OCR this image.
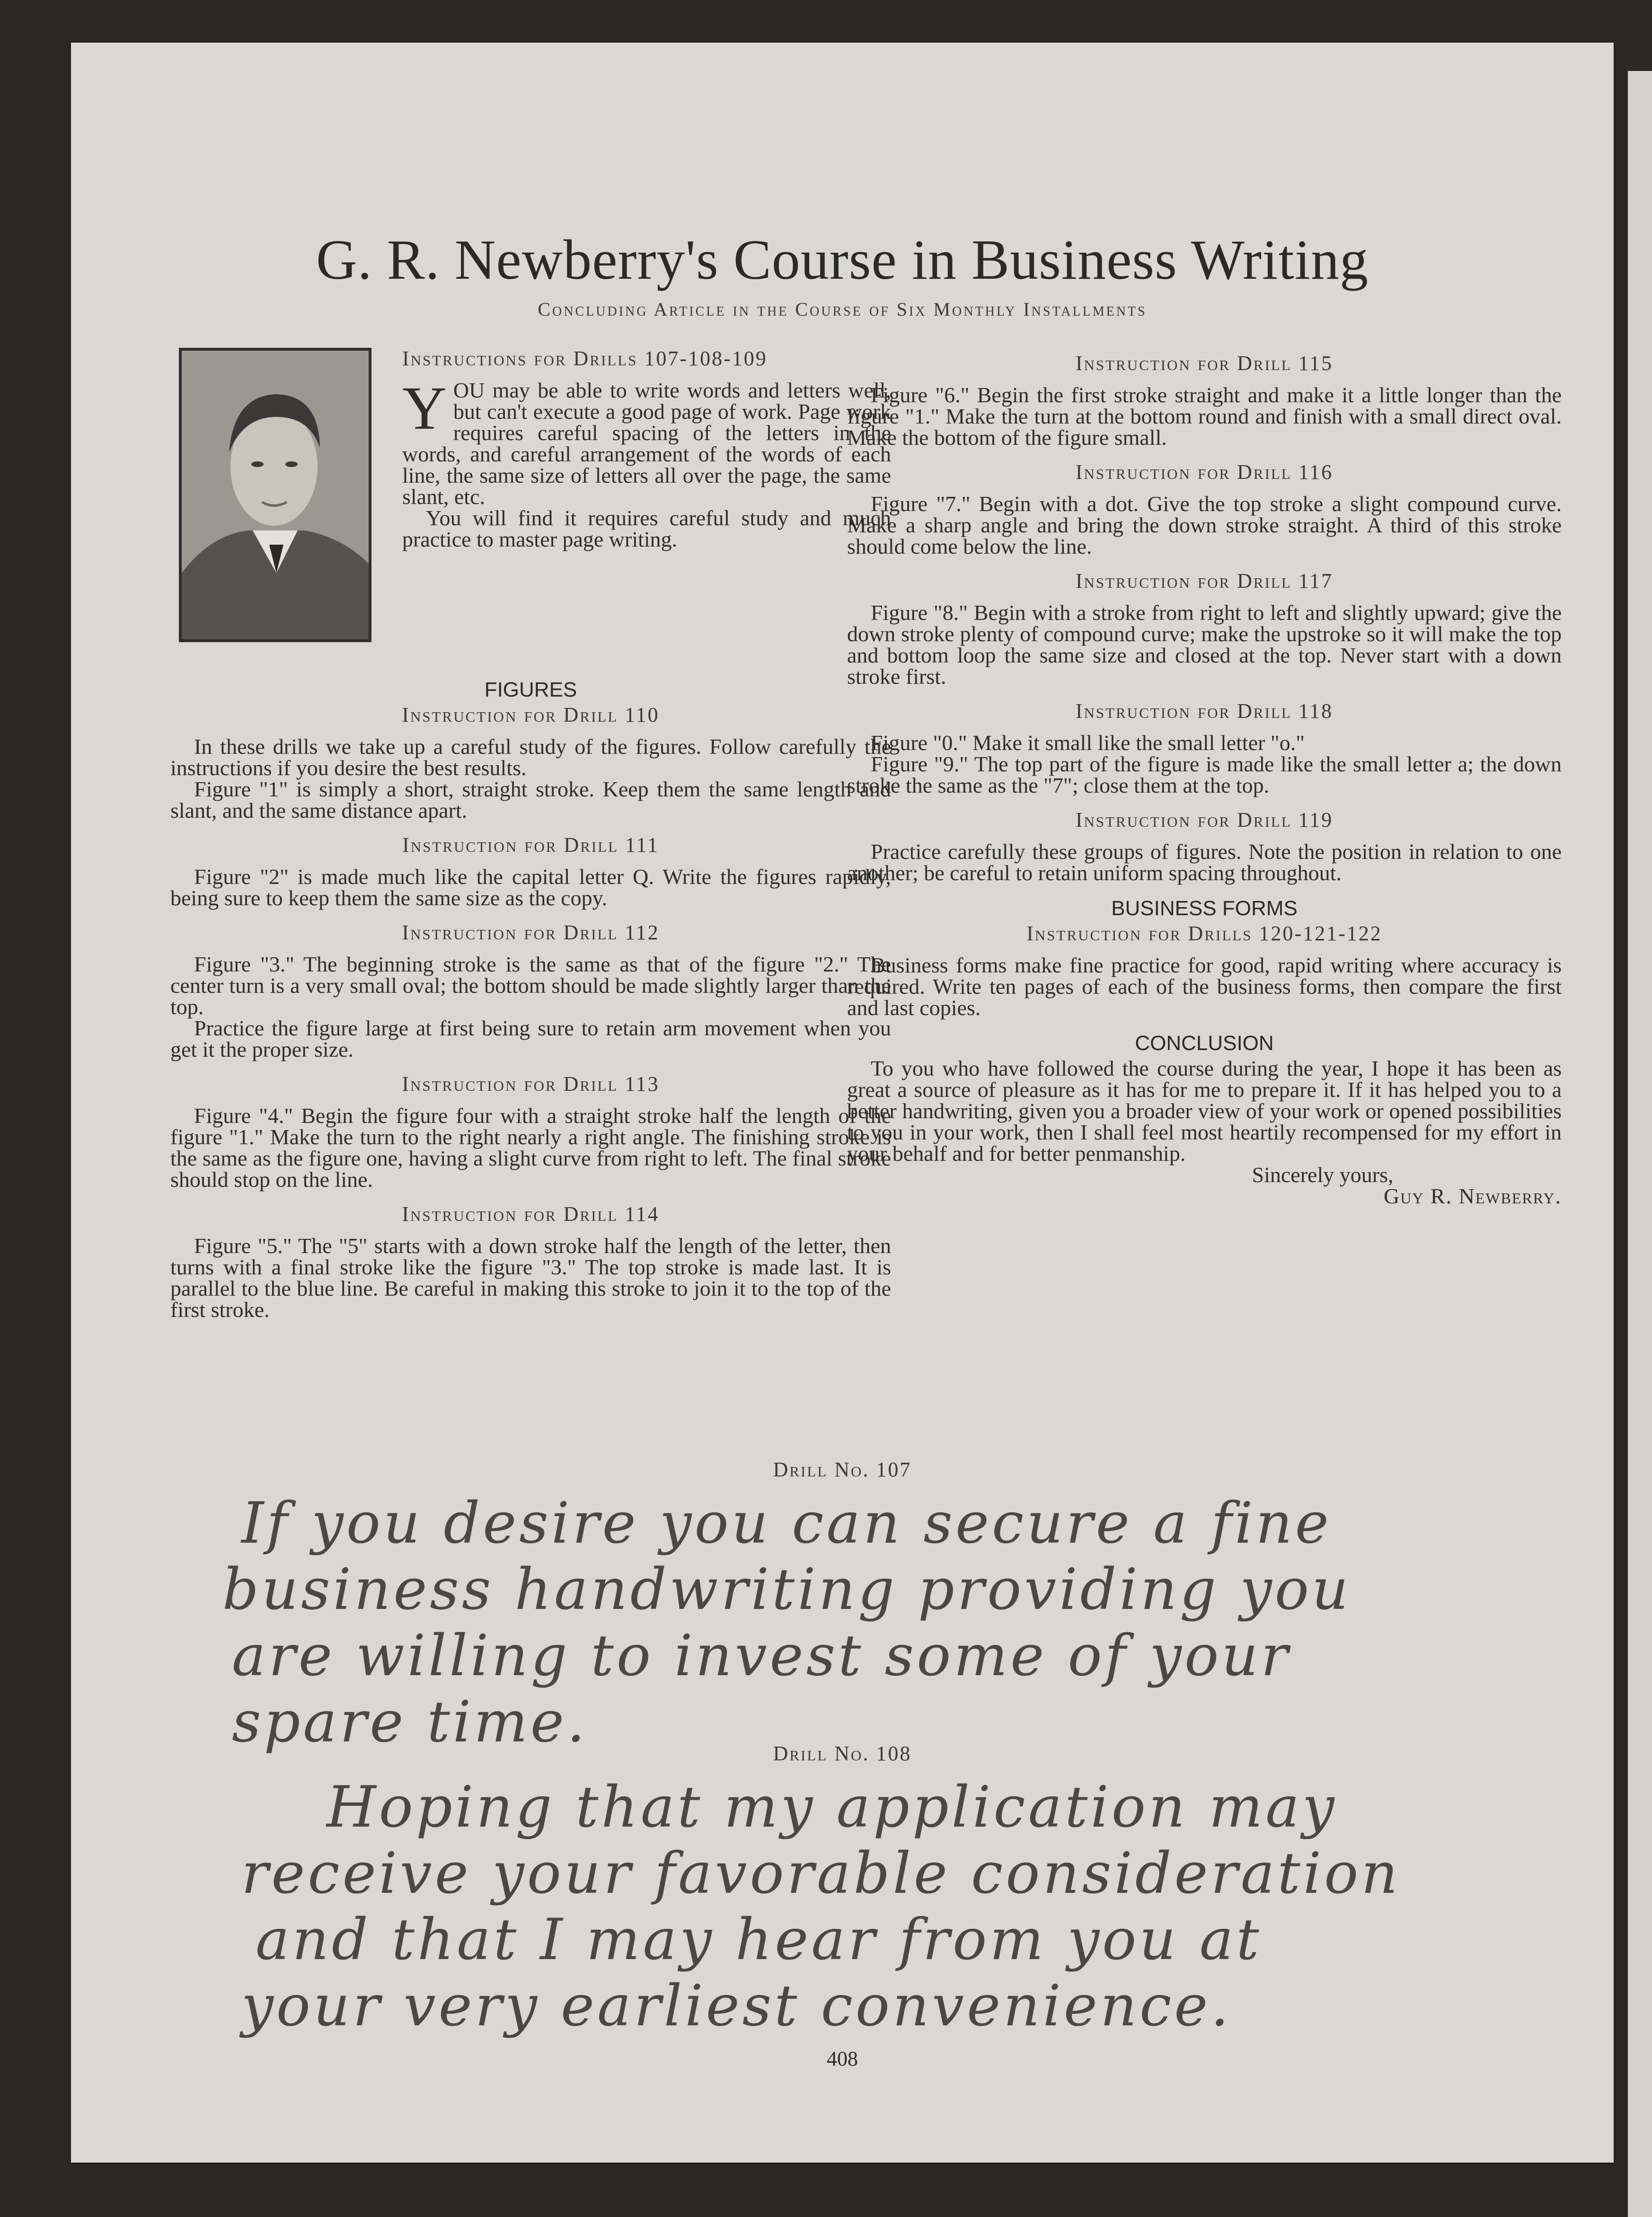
G. R. Newberry's Course in Business Writing
Concluding Article in the Course of Six Monthly Installments
Instructions for Drills 107-108-109

YOU may be able to write words and letters well, but can't execute a good page of work. Page work requires careful spacing of the letters in the words, and careful arrangement of the words of each line, the same size of letters all over the page, the same slant, etc.

You will find it requires careful study and much practice to master page writing.

FIGURES
Instruction for Drill 110

In these drills we take up a careful study of the figures. Follow carefully the instructions if you desire the best results.

Figure "1" is simply a short, straight stroke. Keep them the same length and slant, and the same distance apart.

Instruction for Drill 111

Figure "2" is made much like the capital letter Q. Write the figures rapidly, being sure to keep them the same size as the copy.

Instruction for Drill 112

Figure "3." The beginning stroke is the same as that of the figure "2." The center turn is a very small oval; the bottom should be made slightly larger than the top.

Practice the figure large at first being sure to retain arm movement when you get it the proper size.

Instruction for Drill 113

Figure "4." Begin the figure four with a straight stroke half the length of the figure "1." Make the turn to the right nearly a right angle. The finishing stroke is the same as the figure one, having a slight curve from right to left. The final stroke should stop on the line.

Instruction for Drill 114

Figure "5." The "5" starts with a down stroke half the length of the letter, then turns with a final stroke like the figure "3." The top stroke is made last. It is parallel to the blue line. Be careful in making this stroke to join it to the top of the first stroke.

Instruction for Drill 115

Figure "6." Begin the first stroke straight and make it a little longer than the figure "1." Make the turn at the bottom round and finish with a small direct oval. Make the bottom of the figure small.

Instruction for Drill 116

Figure "7." Begin with a dot. Give the top stroke a slight compound curve. Make a sharp angle and bring the down stroke straight. A third of this stroke should come below the line.

Instruction for Drill 117

Figure "8." Begin with a stroke from right to left and slightly upward; give the down stroke plenty of compound curve; make the upstroke so it will make the top and bottom loop the same size and closed at the top. Never start with a down stroke first.

Instruction for Drill 118

Figure "0." Make it small like the small letter "o."

Figure "9." The top part of the figure is made like the small letter a; the down stroke the same as the "7"; close them at the top.

Instruction for Drill 119

Practice carefully these groups of figures. Note the position in relation to one another; be careful to retain uniform spacing throughout.

BUSINESS FORMS
Instruction for Drills 120-121-122

Business forms make fine practice for good, rapid writing where accuracy is required. Write ten pages of each of the business forms, then compare the first and last copies.

CONCLUSION

To you who have followed the course during the year, I hope it has been as great a source of pleasure as it has for me to prepare it. If it has helped you to a better handwriting, given you a broader view of your work or opened possibilities to you in your work, then I shall feel most heartily recompensed for my effort in your behalf and for better penmanship.

Sincerely yours,
Guy R. Newberry.
Drill No. 107
If you desire you can secure a fine
business handwriting providing you
are willing to invest some of your
spare time.	Drill No. 108
Hoping that my application may
receive your favorable consideration
and that I may hear from you at
your very earliest convenience.
408
